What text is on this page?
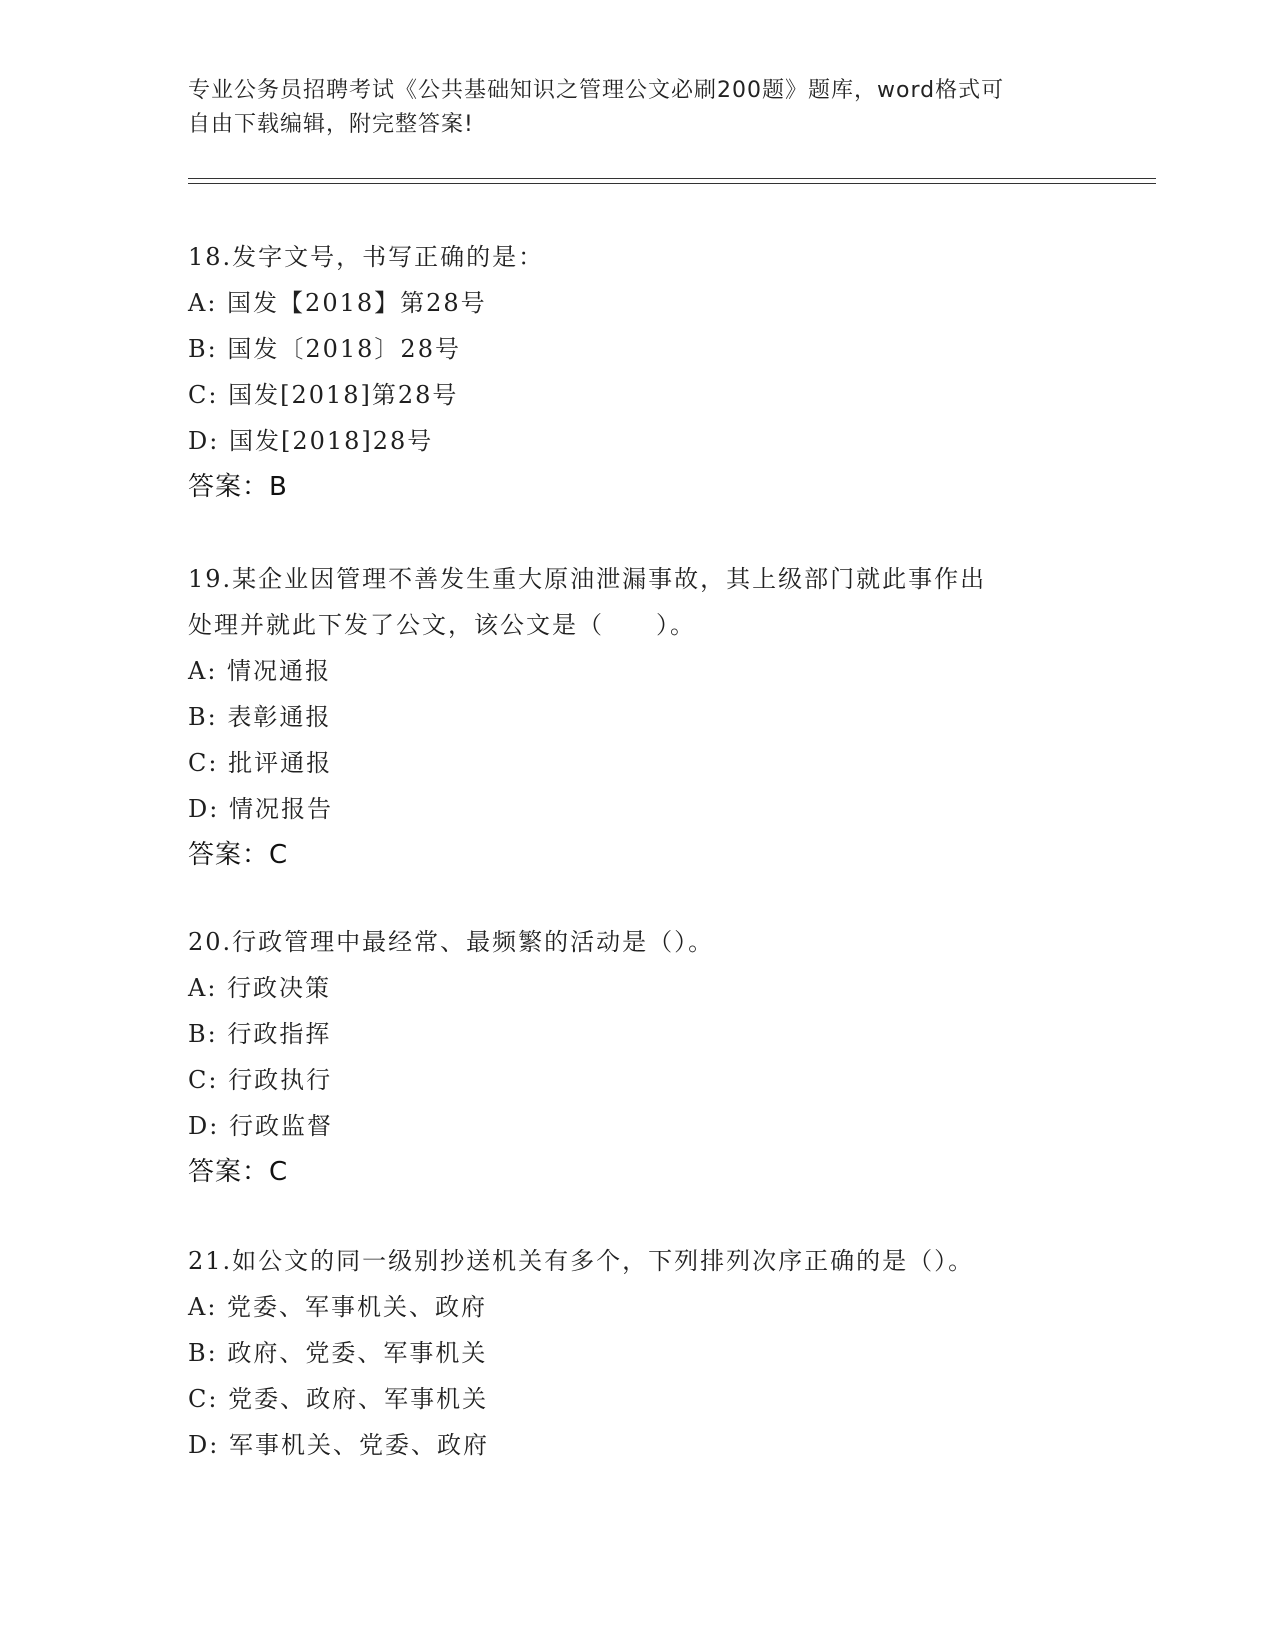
专业公务员招聘考试《公共基础知识之管理公文必刷200题》题库，word格式可
自由下载编辑，附完整答案!
18.发字文号，书写正确的是：
A: 国发【2018】第28号
B: 国发〔2018〕28号
C: 国发[2018]第28号
D: 国发[2018]28号
答案：B
19.某企业因管理不善发生重大原油泄漏事故，其上级部门就此事作出
处理并就此下发了公文，该公文是（　　）。
A: 情况通报
B: 表彰通报
C: 批评通报
D: 情况报告
答案：C
20.行政管理中最经常、最频繁的活动是（）。
A: 行政决策
B: 行政指挥
C: 行政执行
D: 行政监督
答案：C
21.如公文的同一级别抄送机关有多个，下列排列次序正确的是（）。
A: 党委、军事机关、政府
B: 政府、党委、军事机关
C: 党委、政府、军事机关
D: 军事机关、党委、政府
